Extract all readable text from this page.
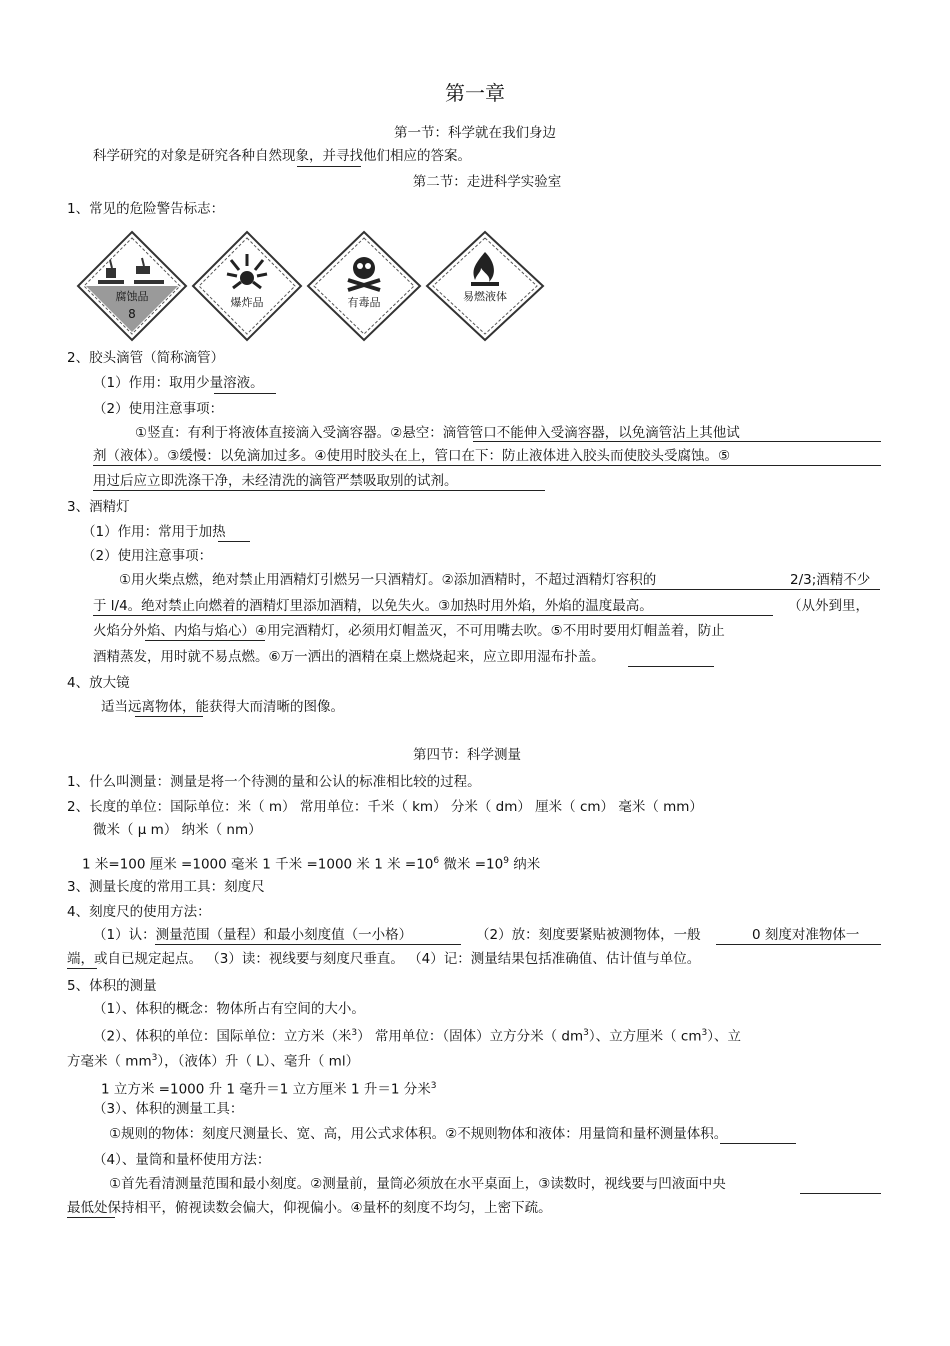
第一章
第一节：科学就在我们身边
科学研究的对象是研究各种自然现象，并寻找他们相应的答案。
第二节：走进科学实验室
1、常见的危险警告标志：
腐蚀品
8
爆炸品	有毒品	易燃液体
2、胶头滴管（简称滴管）
（1）作用：取用少量溶液。
（2）使用注意事项：
①竖直：有利于将液体直接滴入受滴容器。②悬空：滴管管口不能伸入受滴容器，以免滴管沾上其他试
剂（液体）。③缓慢：以免滴加过多。④使用时胶头在上，管口在下：防止液体进入胶头而使胶头受腐蚀。⑤
用过后应立即洗涤干净，未经清洗的滴管严禁吸取别的试剂。
3、酒精灯
（1）作用：常用于加热
（2）使用注意事项：
①用火柴点燃，绝对禁止用酒精灯引燃另一只酒精灯。②添加酒精时，不超过酒精灯容积的	2/3;酒精不少
于 l/4。绝对禁止向燃着的酒精灯里添加酒精，以免失火。③加热时用外焰，外焰的温度最高。	（从外到里，
火焰分外焰、内焰与焰心）④用完酒精灯，必须用灯帽盖灭，不可用嘴去吹。⑤不用时要用灯帽盖着，防止
酒精蒸发，用时就不易点燃。⑥万一洒出的酒精在桌上燃烧起来，应立即用湿布扑盖。
4、放大镜
适当远离物体，能获得大而清晰的图像。
第四节：科学测量
1、什么叫测量：测量是将一个待测的量和公认的标准相比较的过程。
2、长度的单位：国际单位：米（ m） 常用单位：千米（ km） 分米（ dm） 厘米（ cm） 毫米（ mm）
微米（ μ m） 纳米（ nm）
1 米=100 厘米 =1000 毫米 1 千米 =1000 米 1 米 $=10^6$ 微米 $=10^9$ 纳米
3、测量长度的常用工具：刻度尺
4、刻度尺的使用方法：
（1）认：测量范围（量程）和最小刻度值（一小格）	（2）放：刻度要紧贴被测物体，一般	0 刻度对准物体一
端，或自已规定起点。 （3）读：视线要与刻度尺垂直。 （4）记：测量结果包括准确值、估计值与单位。
5、体积的测量
（1）、体积的概念：物体所占有空间的大小。
（2）、体积的单位：国际单位：立方米（米$^3$） 常用单位：（固体）立方分米（ $dm^3$）、立方厘米（ $cm^3$）、立
方毫米（ $mm^3$），（液体）升（ L）、毫升（ ml）
1 立方米 =1000 升 1 毫升＝1 立方厘米 1 升＝1 分米$^3$
（3）、体积的测量工具：
①规则的物体：刻度尺测量长、宽、高，用公式求体积。②不规则物体和液体：用量筒和量杯测量体积。
（4）、量筒和量杯使用方法：
①首先看清测量范围和最小刻度。②测量前，量筒必须放在水平桌面上，③读数时，视线要与凹液面中央
最低处保持相平，俯视读数会偏大，仰视偏小。④量杯的刻度不均匀，上密下疏。
